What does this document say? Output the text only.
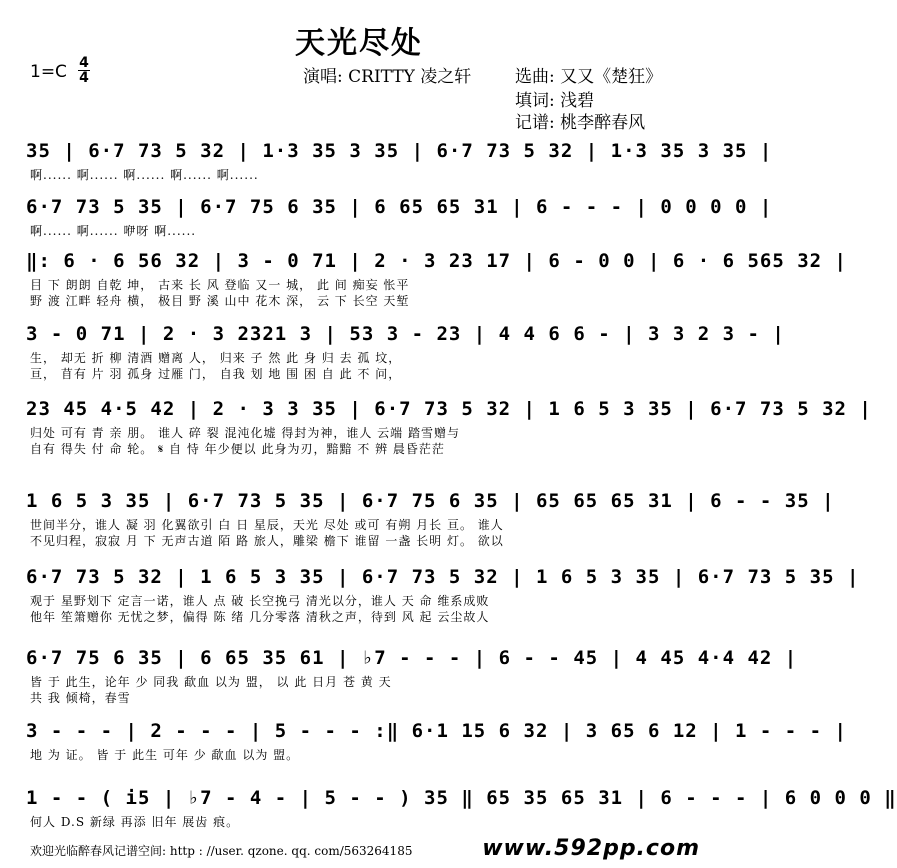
天光尽处
1=C 4
4	演唱: CRITTY 凌之轩	选曲: 又又《楚狂》
填词: 浅碧
记谱: 桃李醉春风
35 | 6·7 73 5 32 | 1·3 35 3 35 | 6·7 73 5 32 | 1·3 35 3 35 |
啊...... 啊...... 啊...... 啊...... 啊......
6·7 73 5 35 | 6·7 75 6 35 | 6 65 65 31 | 6 - - - | 0 0 0 0 |
啊...... 啊...... 咿呀 啊......
‖: 6 · 6 56 32 | 3 - 0 71 | 2 · 3 23 17 | 6 - 0 0 | 6 · 6 565 32 |
目 下 朗朗 自乾 坤， 古来 长 风 登临 又一 城， 此 间 痴妄 怅平
野 渡 江畔 轻舟 横， 极目 野 溪 山中 花木 深， 云 下 长空 天堑
3 - 0 71 | 2 · 3 2321 3 | 53 3 - 23 | 4 4 6 6 - | 3 3 2 3 - |
生， 却无 折 柳 清酒 赠离 人， 归来 子 然 此 身 归 去 孤 坟，
亘， 苜有 片 羽 孤身 过雁 门， 自我 划 地 围 困 自 此 不 问，
23 45 4·5 42 | 2 · 3 3 35 | 6·7 73 5 32 | 1 6 5 3 35 | 6·7 73 5 32 |
归处 可有 青 亲 朋。 谁人 碎 裂 混沌化墟 得封为神，谁人 云端 踏雪赠与
自有 得失 付 命 轮。 𝄋 自 恃 年少便以 此身为刃，黯黯 不 辨 晨昏茫茫
1 6 5 3 35 | 6·7 73 5 35 | 6·7 75 6 35 | 65 65 65 31 | 6 - - 35 |
世间半分，谁人 凝 羽 化翼欲引 白 日 星辰，天光 尽处 或可 有朔 月长 亘。 谁人
不见归程，寂寂 月 下 无声古道 陌 路 旅人，雕梁 檐下 谁留 一盏 长明 灯。 欲以
6·7 73 5 32 | 1 6 5 3 35 | 6·7 73 5 32 | 1 6 5 3 35 | 6·7 73 5 35 |
观于 星野划下 定言一诺，谁人 点 破 长空挽弓 清光以分，谁人 天 命 维系成败
他年 笙箫赠你 无忧之梦，偏得 陈 绪 几分零落 清秋之声，待到 风 起 云尘故人
6·7 75 6 35 | 6 65 35 61 | ♭7 - - - | 6 - - 45 | 4 45 4·4 42 |
皆 于 此生，论年 少 同我 歃血 以为 盟， 以 此 日月 苍 黄 天
共 我 倾椅，春雪
3 - - - | 2 - - - | 5 - - - :‖ 6·1 15 6 32 | 3 65 6 12 | 1 - - - |
地 为 证。 皆 于 此生 可年 少 歃血 以为 盟。
1 - - ( i5 | ♭7 - 4 - | 5 - - ) 35 ‖ 65 35 65 31 | 6 - - - | 6 0 0 0 ‖
何人 D.S 新绿 再添 旧年 展齿 痕。
欢迎光临醉春风记谱空间: http : //user. qzone. qq. com/563264185	www.592pp.com
